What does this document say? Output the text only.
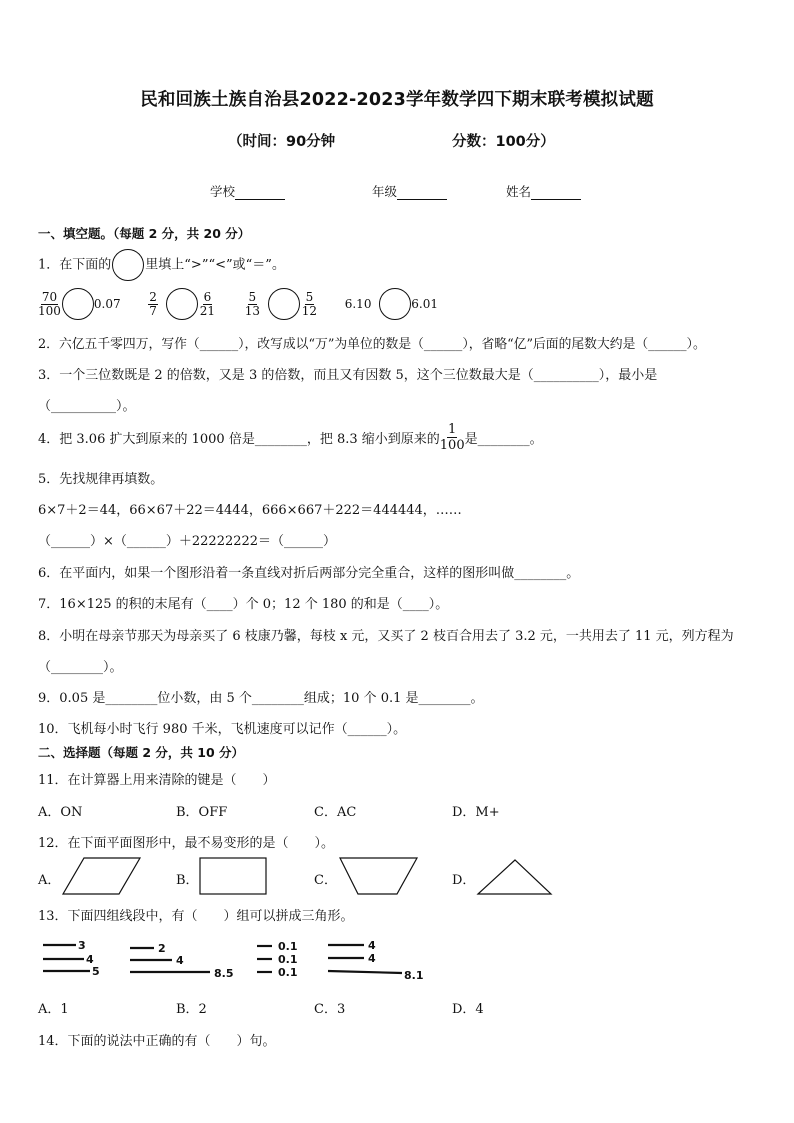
民和回族土族自治县2022-2023学年数学四下期末联考模拟试题
（时间：90分钟	分数：100分）
学校	年级	姓名
一、填空题。（每题 2 分，共 20 分）
1．在下面的	里填上“>”“<”或“＝”。
$\frac{70}{100}$	$0.07 \frac{2}{7}$
	$\frac{6}{21}$
$\frac{5}{13}$
	$\frac{5}{12} 6.10$	6.01
2．六亿五千零四万，写作（______），改写成以“万”为单位的数是（______），省略“亿”后面的尾数大约是（______）。
3．一个三位数既是 2 的倍数，又是 3 的倍数，而且又有因数 5，这个三位数最大是（__________），最小是
（__________）。
4．把 3.06 扩大到原来的 1000 倍是________，把 8.3 缩小到原来的 $\frac{1}{100}$ 是________。
5．先找规律再填数。
6×7＋2＝44，66×67＋22＝4444，666×667＋222＝444444，……
（______）×（______）＋22222222＝（______）
6．在平面内，如果一个图形沿着一条直线对折后两部分完全重合，这样的图形叫做________。
7．16×125 的积的末尾有（____）个 0；12 个 180 的和是（____）。
8．小明在母亲节那天为母亲买了 6 枝康乃馨，每枝 x 元，又买了 2 枝百合用去了 3.2 元，一共用去了 11 元，列方程为
（________）。
9．0.05 是________位小数，由 5 个________组成；10 个 0.1 是________。
10．飞机每小时飞行 980 千米，飞机速度可以记作（______）。
二、选择题（每题 2 分，共 10 分）
11．在计算器上用来清除的键是（　　）
A．ON	B．OFF	C．AC	D．M+
12．在下面平面图形中，最不易变形的是（　　）。
A．	B．	C．	D．
13．下面四组线段中，有（　　）组可以拼成三角形。
3
4
5
2
4
8.5
0.1
0.1
0.1
4
4
8.1
A．1	B．2	C．3	D．4
14．下面的说法中正确的有（　　）句。
